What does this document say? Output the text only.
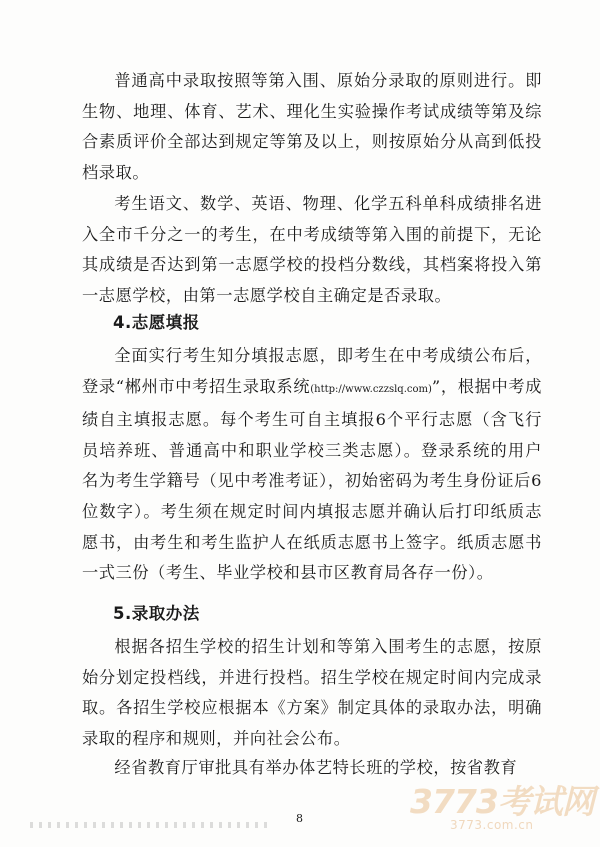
普通高中录取按照等第入围、原始分录取的原则进行。即生物、地理、体育、艺术、理化生实验操作考试成绩等第及综合素质评价全部达到规定等第及以上，则按原始分从高到低投档录取。

考生语文、数学、英语、物理、化学五科单科成绩排名进入全市千分之一的考生，在中考成绩等第入围的前提下，无论其成绩是否达到第一志愿学校的投档分数线，其档案将投入第一志愿学校，由第一志愿学校自主确定是否录取。

4.志愿填报

全面实行考生知分填报志愿，即考生在中考成绩公布后，登录“郴州市中考招生录取系统(http://www.czzslq.com)”，根据中考成绩自主填报志愿。每个考生可自主填报6个平行志愿（含飞行员培养班、普通高中和职业学校三类志愿）。登录系统的用户名为考生学籍号（见中考准考证），初始密码为考生身份证后6位数字）。考生须在规定时间内填报志愿并确认后打印纸质志愿书，由考生和考生监护人在纸质志愿书上签字。纸质志愿书一式三份（考生、毕业学校和县市区教育局各存一份）。

5.录取办法

根据各招生学校的招生计划和等第入围考生的志愿，按原始分划定投档线，并进行投档。招生学校在规定时间内完成录取。各招生学校应根据本《方案》制定具体的录取办法，明确录取的程序和规则，并向社会公布。

经省教育厅审批具有举办体艺特长班的学校，按省教育

8	3773考试网
3773.com.cn
